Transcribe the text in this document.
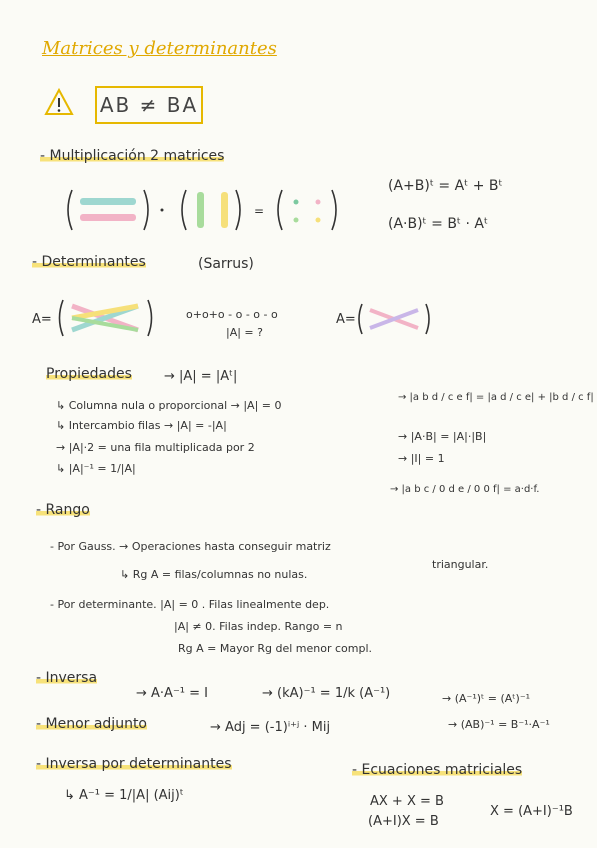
Matrices y determinantes
AB ≠ BA
- Multiplicación 2 matrices
=
(A+B)ᵗ = Aᵗ + Bᵗ
(A·B)ᵗ = Bᵗ · Aᵗ
- Determinantes	(Sarrus)
A=	o+o+o - o - o - o
|A| = ?
A=
Propiedades → |A| = |Aᵗ|
↳ Columna nula o proporcional → |A| = 0
↳ Intercambio filas → |A| = -|A|
→ |A|·2 = una fila multiplicada por 2
↳ |A|⁻¹ = 1/|A|
→ |a b d / c e f| = |a d / c e| + |b d / c f|
→ |A·B| = |A|·|B|
→ |I| = 1
→ |a b c / 0 d e / 0 0 f| = a·d·f.
- Rango
- Por Gauss. → Operaciones hasta conseguir matriz
triangular.
↳ Rg A = filas/columnas no nulas.
- Por determinante. |A| = 0 . Filas linealmente dep.
|A| ≠ 0. Filas indep. Rango = n
Rg A = Mayor Rg del menor compl.
- Inversa
→ A·A⁻¹ = I	→ (kA)⁻¹ = 1/k (A⁻¹)	→ (A⁻¹)ᵗ = (Aᵗ)⁻¹
→ (AB)⁻¹ = B⁻¹·A⁻¹
- Menor adjunto	→ Adj = (-1)ⁱ⁺ʲ · Mij
- Inversa por determinantes
↳ A⁻¹ = 1/|A| (Aij)ᵗ
- Ecuaciones matriciales
AX + X = B
(A+I)X = B
X = (A+I)⁻¹B
